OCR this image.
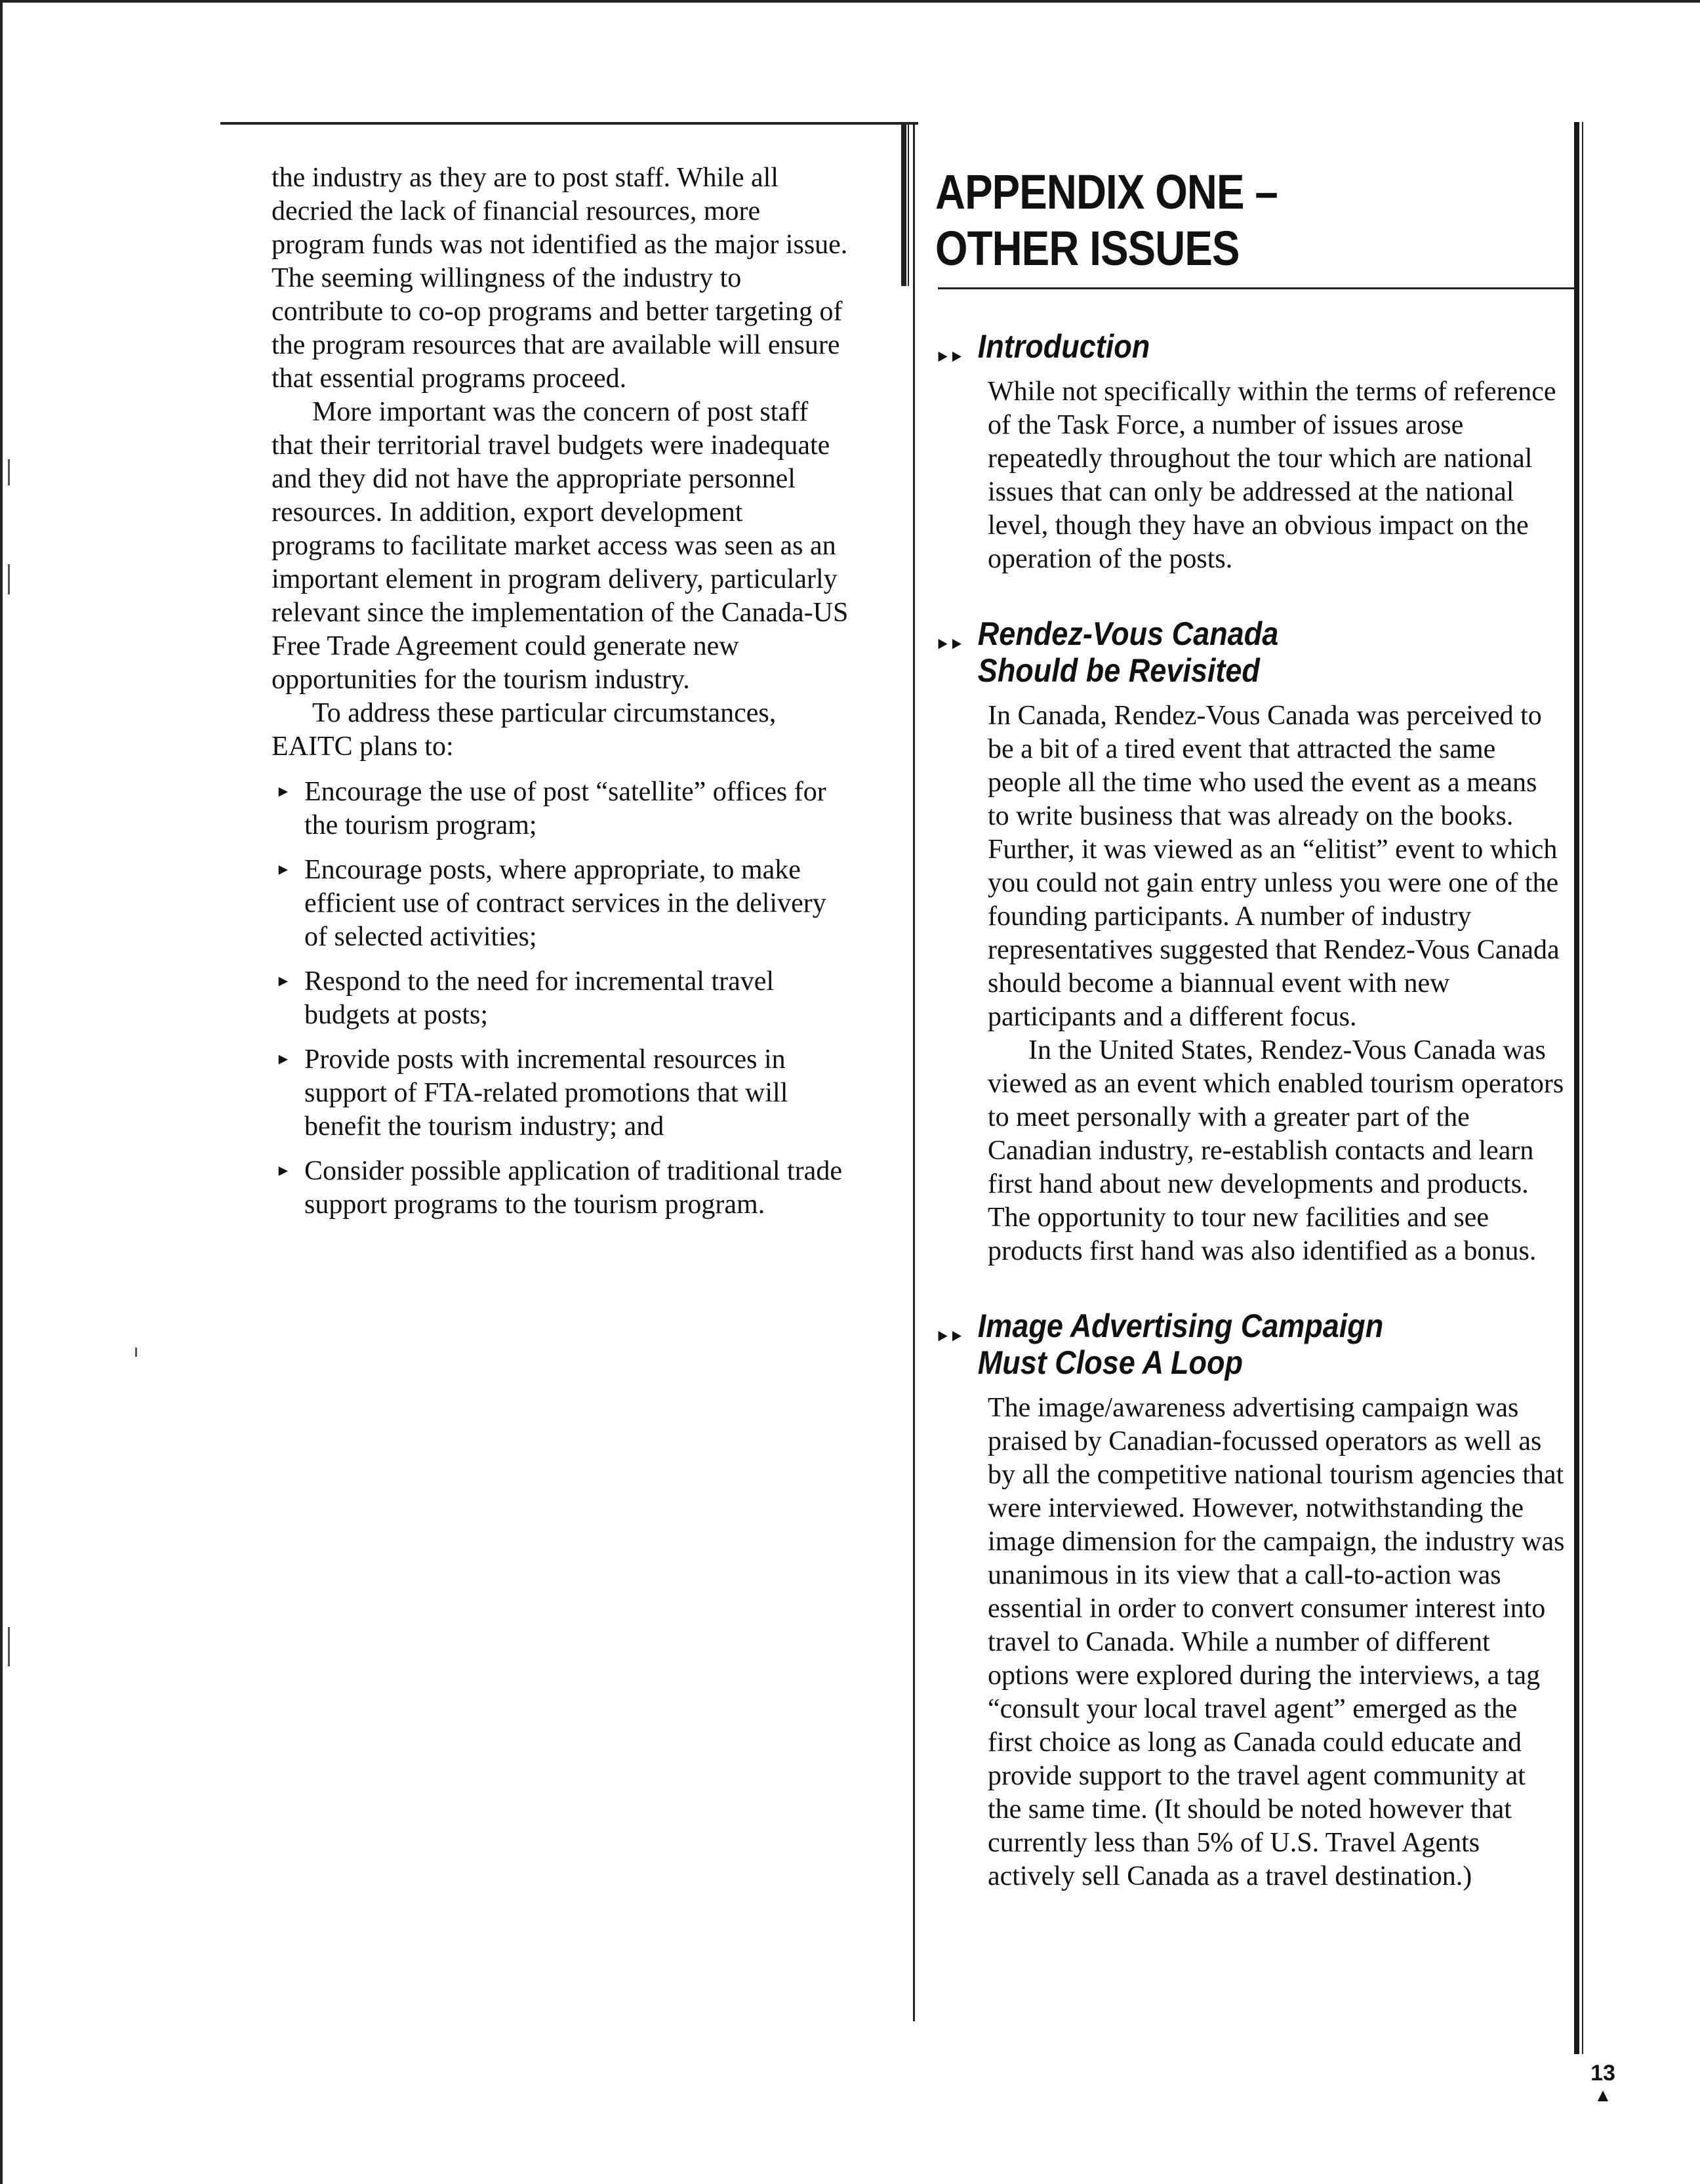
the industry as they are to post staff. While all decried the lack of financial resources, more program funds was not identified as the major issue. The seeming willingness of the industry to contribute to co-op programs and better targeting of the program resources that are available will ensure that essential programs proceed.

More important was the concern of post staff that their territorial travel budgets were inadequate and they did not have the appropriate personnel resources. In addition, export development programs to facilitate market access was seen as an important element in program delivery, particularly relevant since the implementation of the Canada-US Free Trade Agreement could generate new opportunities for the tourism industry.

To address these particular circumstances, EAITC plans to:

► Encourage the use of post “satellite” offices for the tourism program;
► Encourage posts, where appropriate, to make efficient use of contract services in the delivery of selected activities;
► Respond to the need for incremental travel budgets at posts;
► Provide posts with incremental resources in support of FTA-related promotions that will benefit the tourism industry; and
► Consider possible application of traditional trade support programs to the tourism program.
APPENDIX ONE –
OTHER ISSUES
►► Introduction

While not specifically within the terms of reference of the Task Force, a number of issues arose repeatedly throughout the tour which are national issues that can only be addressed at the national level, though they have an obvious impact on the operation of the posts.

►► Rendez-Vous Canada
Should be Revisited

In Canada, Rendez-Vous Canada was perceived to be a bit of a tired event that attracted the same people all the time who used the event as a means to write business that was already on the books. Further, it was viewed as an “elitist” event to which you could not gain entry unless you were one of the founding participants. A number of industry representatives suggested that Rendez-Vous Canada should become a biannual event with new participants and a different focus.

In the United States, Rendez-Vous Canada was viewed as an event which enabled tourism operators to meet personally with a greater part of the Canadian industry, re-establish contacts and learn first hand about new developments and products. The opportunity to tour new facilities and see products first hand was also identified as a bonus.

►► Image Advertising Campaign
Must Close A Loop

The image/awareness advertising campaign was praised by Canadian-focussed operators as well as by all the competitive national tourism agencies that were interviewed. However, notwithstanding the image dimension for the campaign, the industry was unanimous in its view that a call-to-action was essential in order to convert consumer interest into travel to Canada. While a number of different options were explored during the interviews, a tag “consult your local travel agent” emerged as the first choice as long as Canada could educate and provide support to the travel agent community at the same time. (It should be noted however that currently less than 5% of U.S. Travel Agents actively sell Canada as a travel destination.)

13
▲
